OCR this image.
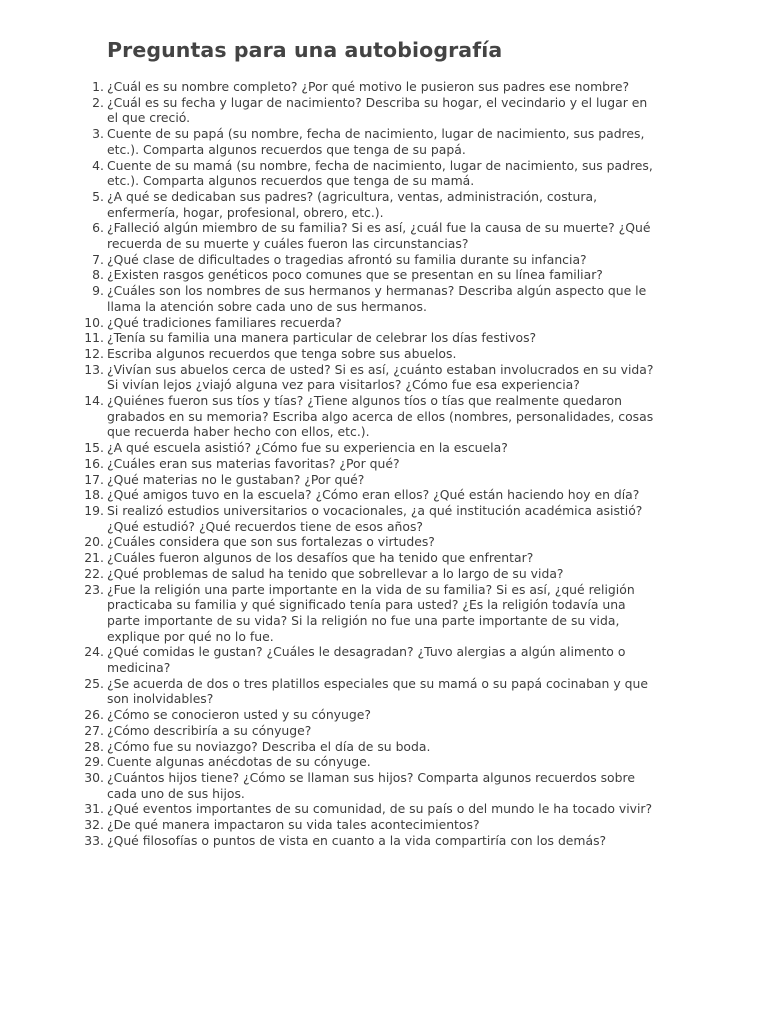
Preguntas para una autobiografía
1. ¿Cuál es su nombre completo? ¿Por qué motivo le pusieron sus padres ese nombre?
2. ¿Cuál es su fecha y lugar de nacimiento? Describa su hogar, el vecindario y el lugar en el que creció.
3. Cuente de su papá (su nombre, fecha de nacimiento, lugar de nacimiento, sus padres, etc.). Comparta algunos recuerdos que tenga de su papá.
4. Cuente de su mamá (su nombre, fecha de nacimiento, lugar de nacimiento, sus padres, etc.). Comparta algunos recuerdos que tenga de su mamá.
5. ¿A qué se dedicaban sus padres? (agricultura, ventas, administración, costura, enfermería, hogar, profesional, obrero, etc.).
6. ¿Falleció algún miembro de su familia? Si es así, ¿cuál fue la causa de su muerte? ¿Qué recuerda de su muerte y cuáles fueron las circunstancias?
7. ¿Qué clase de dificultades o tragedias afrontó su familia durante su infancia?
8. ¿Existen rasgos genéticos poco comunes que se presentan en su línea familiar?
9. ¿Cuáles son los nombres de sus hermanos y hermanas? Describa algún aspecto que le llama la atención sobre cada uno de sus hermanos.
10. ¿Qué tradiciones familiares recuerda?
11. ¿Tenía su familia una manera particular de celebrar los días festivos?
12. Escriba algunos recuerdos que tenga sobre sus abuelos.
13. ¿Vivían sus abuelos cerca de usted? Si es así, ¿cuánto estaban involucrados en su vida? Si vivían lejos ¿viajó alguna vez para visitarlos? ¿Cómo fue esa experiencia?
14. ¿Quiénes fueron sus tíos y tías? ¿Tiene algunos tíos o tías que realmente quedaron grabados en su memoria? Escriba algo acerca de ellos (nombres, personalidades, cosas que recuerda haber hecho con ellos, etc.).
15. ¿A qué escuela asistió? ¿Cómo fue su experiencia en la escuela?
16. ¿Cuáles eran sus materias favoritas? ¿Por qué?
17. ¿Qué materias no le gustaban? ¿Por qué?
18. ¿Qué amigos tuvo en la escuela? ¿Cómo eran ellos? ¿Qué están haciendo hoy en día?
19. Si realizó estudios universitarios o vocacionales, ¿a qué institución académica asistió? ¿Qué estudió? ¿Qué recuerdos tiene de esos años?
20. ¿Cuáles considera que son sus fortalezas o virtudes?
21. ¿Cuáles fueron algunos de los desafíos que ha tenido que enfrentar?
22. ¿Qué problemas de salud ha tenido que sobrellevar a lo largo de su vida?
23. ¿Fue la religión una parte importante en la vida de su familia? Si es así, ¿qué religión practicaba su familia y qué significado tenía para usted? ¿Es la religión todavía una parte importante de su vida? Si la religión no fue una parte importante de su vida, explique por qué no lo fue.
24. ¿Qué comidas le gustan? ¿Cuáles le desagradan? ¿Tuvo alergias a algún alimento o medicina?
25. ¿Se acuerda de dos o tres platillos especiales que su mamá o su papá cocinaban y que son inolvidables?
26. ¿Cómo se conocieron usted y su cónyuge?
27. ¿Cómo describiría a su cónyuge?
28. ¿Cómo fue su noviazgo? Describa el día de su boda.
29. Cuente algunas anécdotas de su cónyuge.
30. ¿Cuántos hijos tiene? ¿Cómo se llaman sus hijos? Comparta algunos recuerdos sobre cada uno de sus hijos.
31. ¿Qué eventos importantes de su comunidad, de su país o del mundo le ha tocado vivir?
32. ¿De qué manera impactaron su vida tales acontecimientos?
33. ¿Qué filosofías o puntos de vista en cuanto a la vida compartiría con los demás?
